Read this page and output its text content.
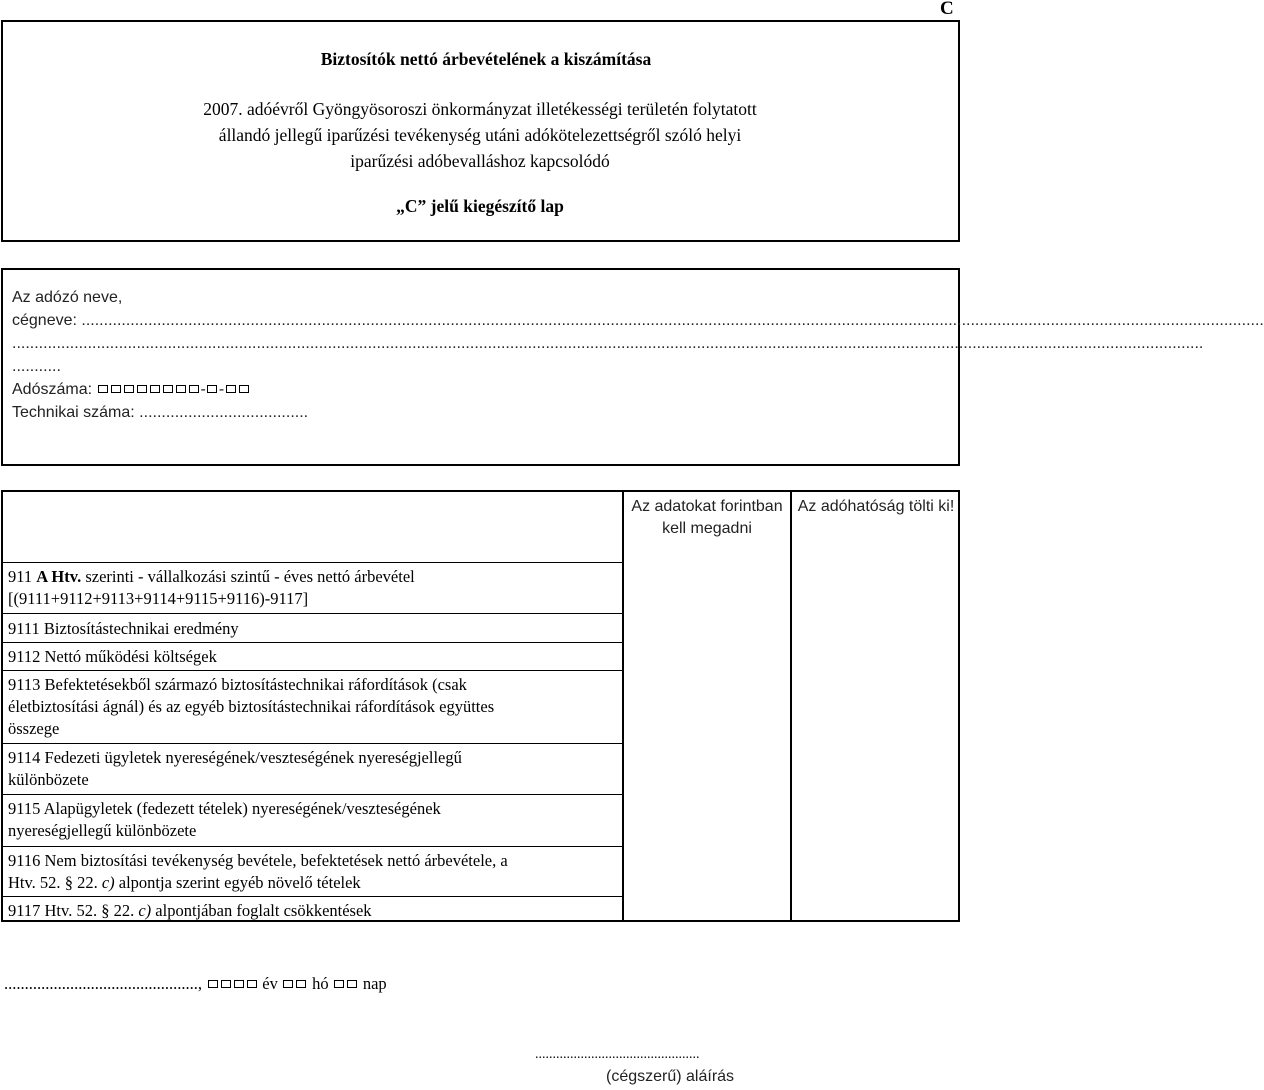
C
Biztosítók nettó árbevételének a kiszámítása
2007. adóévről Gyöngyösoroszi önkormányzat illetékességi területén folytatott
állandó jellegű iparűzési tevékenység utáni adókötelezettségről szóló helyi
iparűzési adóbevalláshoz kapcsolódó
„C” jelű kiegészítő lap
Az adózó neve,
cégneve: ..........................................................................................................................................................................................................................................................................
............................................................................................................................................................................................................................................................................
...........
Adószáma:	- -
Technikai száma: ......................................
Az adatokat forintban kell megadni
Az adóhatóság tölti ki!
911 A Htv. szerinti - vállalkozási szintű - éves nettó árbevétel
[(9111+9112+9113+9114+9115+9116)-9117]
9111 Biztosítástechnikai eredmény
9112 Nettó működési költségek
9113 Befektetésekből származó biztosítástechnikai ráfordítások (csak
életbiztosítási ágnál) és az egyéb biztosítástechnikai ráfordítások együttes
összege
9114 Fedezeti ügyletek nyereségének/veszteségének nyereségjellegű
különbözete
9115 Alapügyletek (fedezett tételek) nyereségének/veszteségének
nyereségjellegű különbözete
9116 Nem biztosítási tevékenység bevétele, befektetések nettó árbevétele, a
Htv. 52. § 22. c) alpontja szerint egyéb növelő tételek
9117 Htv. 52. § 22. c) alpontjában foglalt csökkentések
...............................................,	év hó nap
...............................................
(cégszerű) aláírás
